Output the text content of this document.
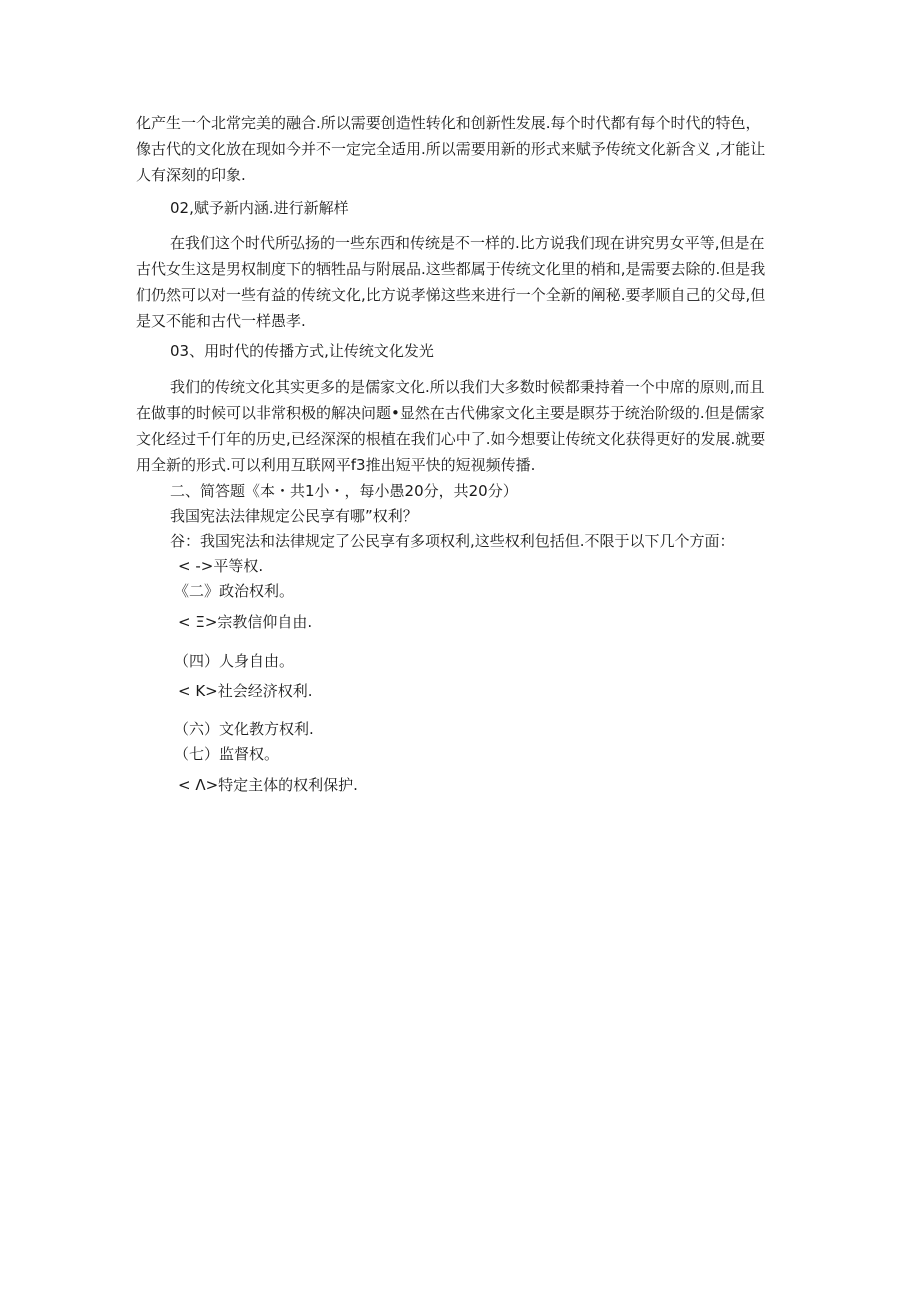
化产生一个北常完美的融合.所以需要创造性转化和创新性发展.每个时代都有每个时代的特色，
像古代的文化放在现如今并不一定完全适用.所以需要用新的形式来赋予传统文化新含义 ,才能让
人有深刻的印象.
02,赋予新内涵.进行新解样
在我们这个时代所弘扬的一些东西和传统是不一样的.比方说我们现在讲究男女平等,但是在
古代女生这是男权制度下的牺牲品与附展品.这些都属于传统文化里的梢和,是需要去除的.但是我
们仍然可以对一些有益的传统文化,比方说孝悌这些来进行一个全新的阐秘.要孝顺自己的父母,但
是又不能和古代一样愚孝.
03、用时代的传播方式,让传统文化发光
我们的传统文化其实更多的是儒家文化.所以我们大多数时候都秉持着一个中席的原则,而且
在做事的时候可以非常积极的解决问题•显然在古代佛家文化主要是瞑芬于统治阶级的.但是儒家
文化经过千仃年的历史,已经深深的根植在我们心中了.如今想要让传统文化获得更好的发展.就要
用全新的形式.可以利用互联网平f3推出短平快的短视频传播.
二、简答题《本・共1小・，每小愚20分，共20分）
我国宪法法律规定公民享有哪”权利？
谷：我国宪法和法律规定了公民享有多项权利,这些权利包括但.不限于以下几个方面：
< ->平等权.
《二》政治权利。
< Ξ>宗教信仰自由.
（四）人身自由。
< K>社会经济权利.
（六）文化教方权利.
（七）监督权。
< Λ>特定主体的权利保护.
